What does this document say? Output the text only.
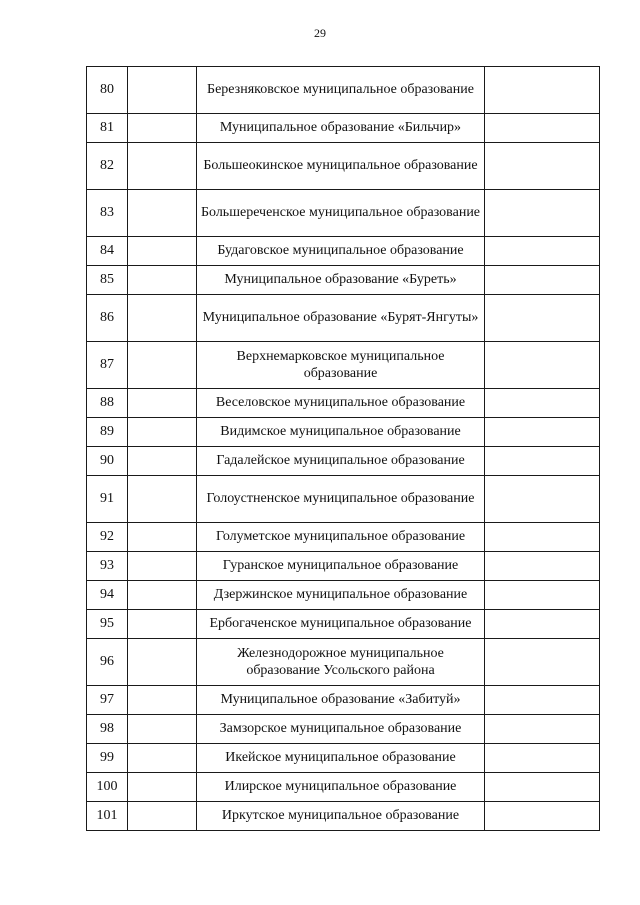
29
80		Березняковское муниципальное образование	
81		Муниципальное образование «Бильчир»	
82		Большеокинское муниципальное образование	
83		Большереченское муниципальное образование	
84		Будаговское муниципальное образование	
85		Муниципальное образование «Буреть»	
86		Муниципальное образование «Бурят-Янгуты»	
87		Верхнемарковское муниципальное образование	
88		Веселовское муниципальное образование	
89		Видимское муниципальное образование	
90		Гадалейское муниципальное образование	
91		Голоустненское муниципальное образование	
92		Голуметское муниципальное образование	
93		Гуранское муниципальное образование	
94		Дзержинское муниципальное образование	
95		Ербогаченское муниципальное образование	
96		Железнодорожное муниципальное образование Усольского района	
97		Муниципальное образование «Забитуй»	
98		Замзорское муниципальное образование	
99		Икейское муниципальное образование	
100		Илирское муниципальное образование	
101		Иркутское муниципальное образование	
